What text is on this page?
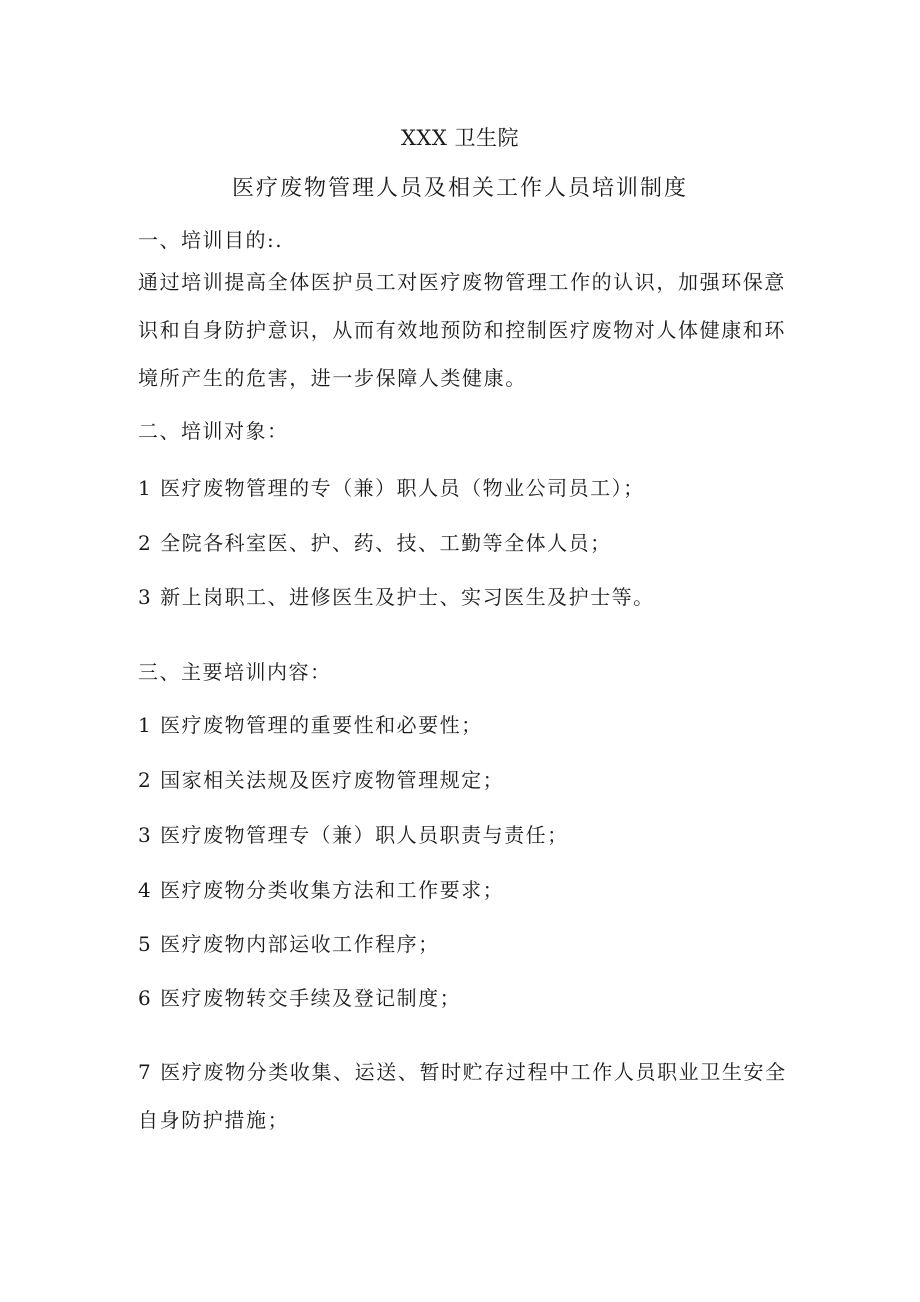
XXX 卫生院
医疗废物管理人员及相关工作人员培训制度
一、培训目的:.
通过培训提高全体医护员工对医疗废物管理工作的认识，加强环保意识和自身防护意识，从而有效地预防和控制医疗废物对人体健康和环境所产生的危害，进一步保障人类健康。
二、培训对象：
1 医疗废物管理的专（兼）职人员（物业公司员工）；
2 全院各科室医、护、药、技、工勤等全体人员；
3 新上岗职工、进修医生及护士、实习医生及护士等。
三、主要培训内容：
1 医疗废物管理的重要性和必要性；
2 国家相关法规及医疗废物管理规定；
3 医疗废物管理专（兼）职人员职责与责任；
4 医疗废物分类收集方法和工作要求；
5 医疗废物内部运收工作程序；
6 医疗废物转交手续及登记制度；
7 医疗废物分类收集、运送、暂时贮存过程中工作人员职业卫生安全自身防护措施；
